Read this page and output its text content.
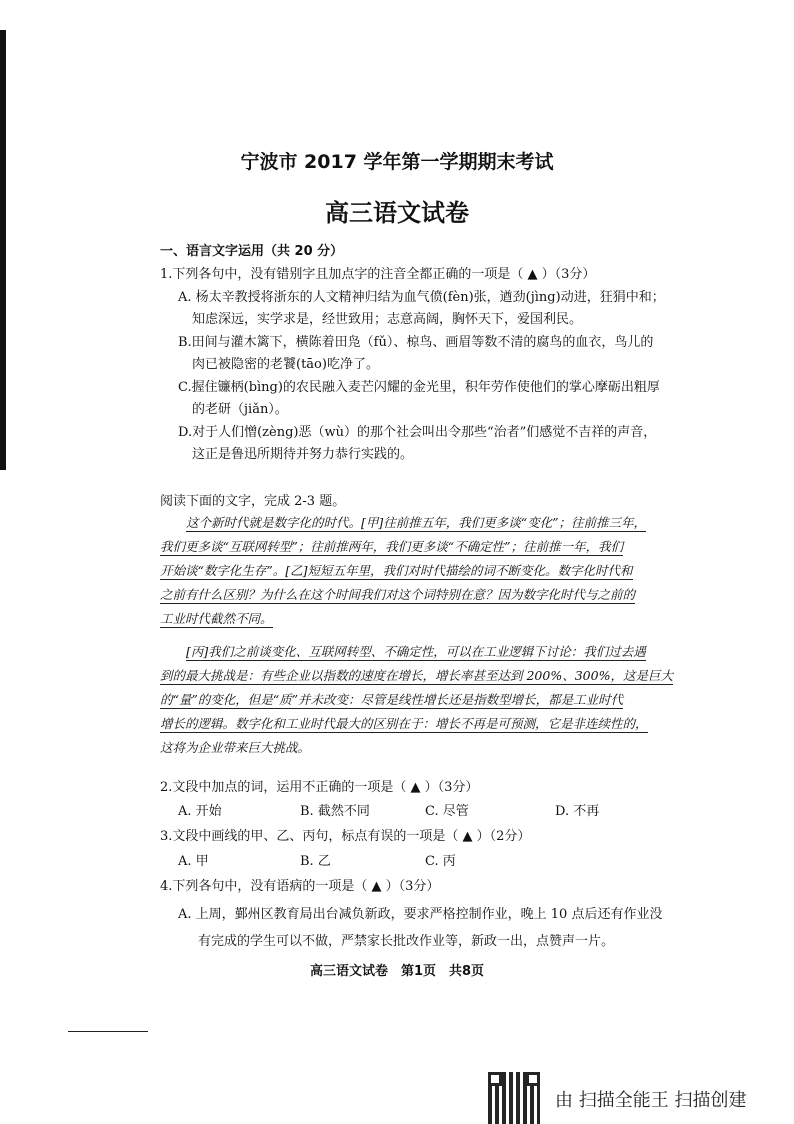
宁波市 2017 学年第一学期期末考试
高三语文试卷
一、语言文字运用（共 20 分）
1.下列各句中，没有错别字且加点字的注音全都正确的一项是（ ▲ ）（3分）
A. 杨太辛教授将浙东的人文精神归结为血气偾(fèn)张，遒劲(jìng)动进，狂狷中和；
知虑深远，实学求是，经世致用；志意高阔，胸怀天下，爱国利民。
B.田间与灌木篱下，横陈着田凫（fǔ）、椋鸟、画眉等数不清的腐鸟的血衣，鸟儿的
肉已被隐密的老饕(tāo)吃净了。
C.握住镰柄(bìng)的农民融入麦芒闪耀的金光里，积年劳作使他们的掌心摩砺出粗厚
的老研（jiǎn）。
D.对于人们憎(zèng)恶（wù）的那个社会叫出令那些“治者”们感觉不吉祥的声音，
这正是鲁迅所期待并努力恭行实践的。
阅读下面的文字，完成 2-3 题。
这个新时代就是数字化的时代。[甲]往前推五年，我们更多谈“变化”；往前推三年，
我们更多谈“互联网转型”；往前推两年，我们更多谈“不确定性”；往前推一年，我们
开始谈“数字化生存”。[乙]短短五年里，我们对时代描绘的词不断变化。数字化时代和
之前有什么区别？为什么在这个时间我们对这个词特别在意？因为数字化时代与之前的
工业时代截然不同。
[丙]我们之前谈变化、互联网转型、不确定性，可以在工业逻辑下讨论：我们过去遇
到的最大挑战是：有些企业以指数的速度在增长，增长率甚至达到 200%、300%，这是巨大
的“量”的变化，但是“质”并未改变：尽管是线性增长还是指数型增长，都是工业时代
增长的逻辑。数字化和工业时代最大的区别在于：增长不再是可预测，它是非连续性的，
这将为企业带来巨大挑战。
2.文段中加点的词，运用不正确的一项是（ ▲ ）（3分）
A. 开始	B. 截然不同	C. 尽管	D. 不再
3.文段中画线的甲、乙、丙句，标点有误的一项是（ ▲ ）（2分）
A. 甲	B. 乙	C. 丙
4.下列各句中，没有语病的一项是（ ▲ ）（3分）
A. 上周，鄞州区教育局出台减负新政，要求严格控制作业，晚上 10 点后还有作业没
有完成的学生可以不做，严禁家长批改作业等，新政一出，点赞声一片。
高三语文试卷　第1页　共8页
由 扫描全能王 扫描创建
